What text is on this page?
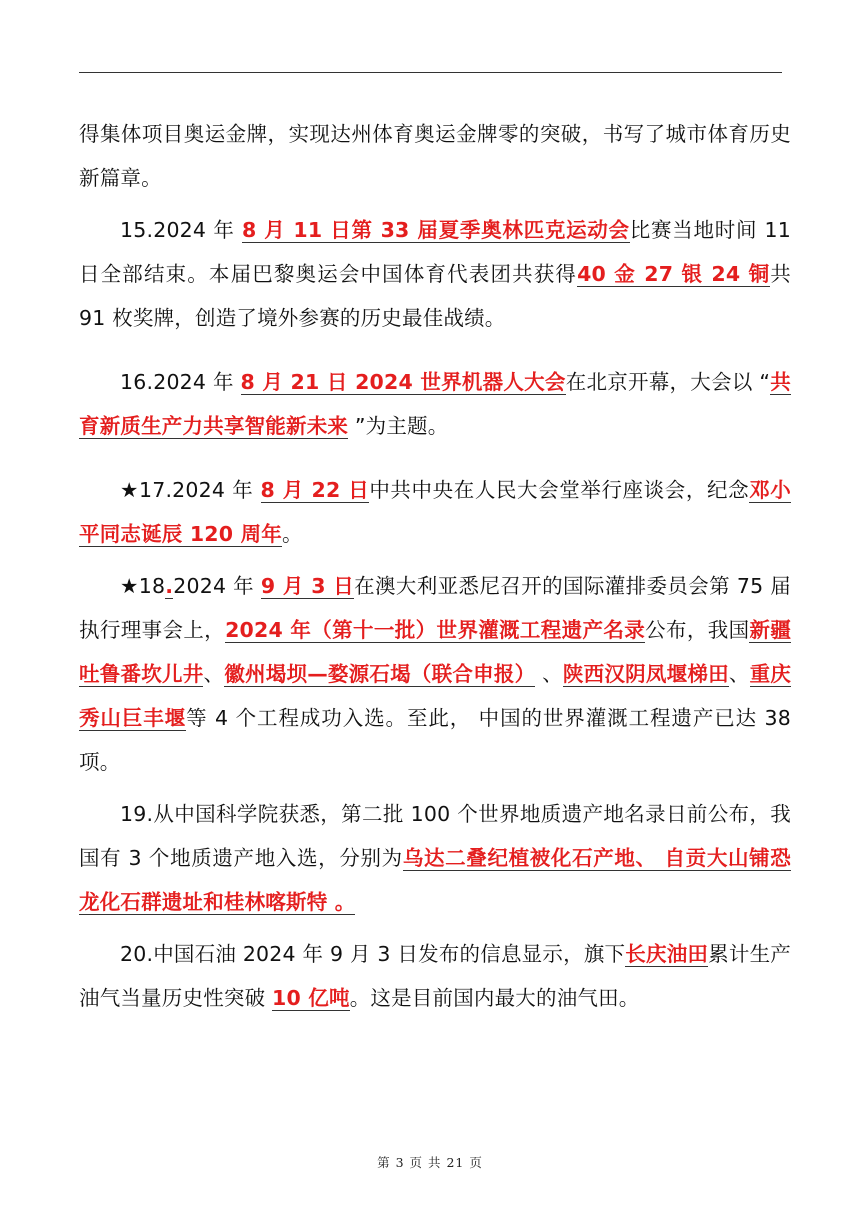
得集体项目奥运金牌，实现达州体育奥运金牌零的突破，书写了城市体育历史新篇章。

15.2024 年 8 月 11 日第 33 届夏季奥林匹克运动会比赛当地时间 11 日全部结束。本届巴黎奥运会中国体育代表团共获得40 金 27 银 24 铜共 91 枚奖牌，创造了境外参赛的历史最佳战绩。

16.2024 年 8 月 21 日 2024 世界机器人大会在北京开幕，大会以 “共育新质生产力共享智能新未来 ”为主题。

★17.2024 年 8 月 22 日中共中央在人民大会堂举行座谈会，纪念邓小平同志诞辰 120 周年。

★18.2024 年 9 月 3 日在澳大利亚悉尼召开的国际灌排委员会第 75 届执行理事会上，2024 年（第十一批）世界灌溉工程遗产名录公布，我国新疆吐鲁番坎儿井、徽州堨坝—婺源石堨（联合申报） 、陕西汉阴凤堰梯田、重庆秀山巨丰堰等 4 个工程成功入选。至此， 中国的世界灌溉工程遗产已达 38 项。

19.从中国科学院获悉，第二批 100 个世界地质遗产地名录日前公布，我国有 3 个地质遗产地入选，分别为乌达二叠纪植被化石产地、 自贡大山铺恐龙化石群遗址和桂林喀斯特 。

20.中国石油 2024 年 9 月 3 日发布的信息显示，旗下长庆油田累计生产油气当量历史性突破 10 亿吨。这是目前国内最大的油气田。

第 3 页 共 21 页
